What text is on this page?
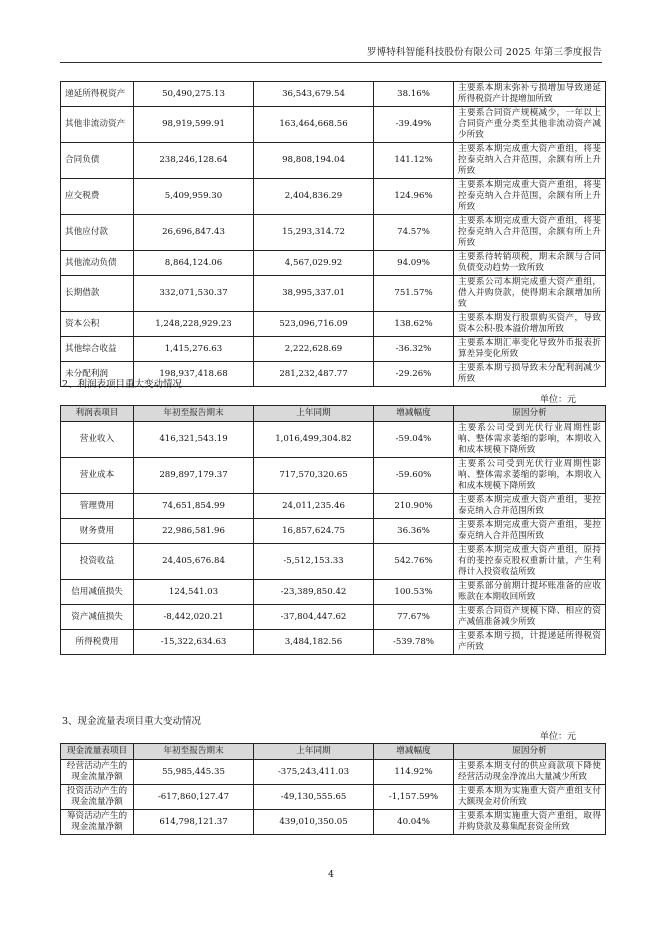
罗博特科智能科技股份有限公司 2025 年第三季度报告
递延所得税资产	50,490,275.13	36,543,679.54	38.16%	主要系本期末弥补亏损增加导致递延所得税资产计提增加所致
其他非流动资产	98,919,599.91	163,464,668.56	-39.49%	主要系合同资产规模减少，一年以上合同资产重分类至其他非流动资产减少所致
合同负债	238,246,128.64	98,808,194.04	141.12%	主要系本期完成重大资产重组，将斐控泰克纳入合并范围，余额有所上升所致
应交税费	5,409,959.30	2,404,836.29	124.96%	主要系本期完成重大资产重组，将斐控泰克纳入合并范围，余额有所上升所致
其他应付款	26,696,847.43	15,293,314.72	74.57%	主要系本期完成重大资产重组，将斐控泰克纳入合并范围，余额有所上升所致
其他流动负债	8,864,124.06	4,567,029.92	94.09%	主要系待转销项税，期末余额与合同负债变动趋势一致所致
长期借款	332,071,530.37	38,995,337.01	751.57%	主要系公司本期完成重大资产重组，借入并购贷款，使得期末余额增加所致
资本公积	1,248,228,929.23	523,096,716.09	138.62%	主要系本期发行股票购买资产，导致资本公积-股本溢价增加所致
其他综合收益	1,415,276.63	2,222,628.69	-36.32%	主要系本期汇率变化导致外币报表折算差异变化所致
未分配利润	198,937,418.68	281,232,487.77	-29.26%	主要系本期亏损导致未分配利润减少所致
2、利润表项目重大变动情况
单位：元
利润表项目	年初至报告期末	上年同期	增减幅度	原因分析
营业收入	416,321,543.19	1,016,499,304.82	-59.04%	主要系公司受到光伏行业周期性影响、整体需求萎缩的影响，本期收入和成本规模下降所致
营业成本	289,897,179.37	717,570,320.65	-59.60%	主要系公司受到光伏行业周期性影响、整体需求萎缩的影响，本期收入和成本规模下降所致
管理费用	74,651,854.99	24,011,235.46	210.90%	主要系本期完成重大资产重组，斐控泰克纳入合并范围所致
财务费用	22,986,581.96	16,857,624.75	36.36%	主要系本期完成重大资产重组，斐控泰克纳入合并范围所致
投资收益	24,405,676.84	-5,512,153.33	542.76%	主要系本期完成重大资产重组，原持有的斐控泰克股权重新计量，产生利得计入投资收益所致
信用减值损失	124,541.03	-23,389,850.42	100.53%	主要系部分前期计提坏账准备的应收账款在本期收回所致
资产减值损失	-8,442,020.21	-37,804,447.62	77.67%	主要系合同资产规模下降、相应的资产减值准备减少所致
所得税费用	-15,322,634.63	3,484,182.56	-539.78%	主要系本期亏损，计提递延所得税资产所致
3、现金流量表项目重大变动情况
单位：元
现金流量表项目	年初至报告期末	上年同期	增减幅度	原因分析
经营活动产生的现金流量净额	55,985,445.35	-375,243,411.03	114.92%	主要系本期支付的供应商款项下降使经营活动现金净流出大量减少所致
投资活动产生的现金流量净额	-617,860,127.47	-49,130,555.65	-1,157.59%	主要系本期为实施重大资产重组支付大额现金对价所致
筹资活动产生的现金流量净额	614,798,121.37	439,010,350.05	40.04%	主要系本期实施重大资产重组，取得并购贷款及募集配套资金所致
4
